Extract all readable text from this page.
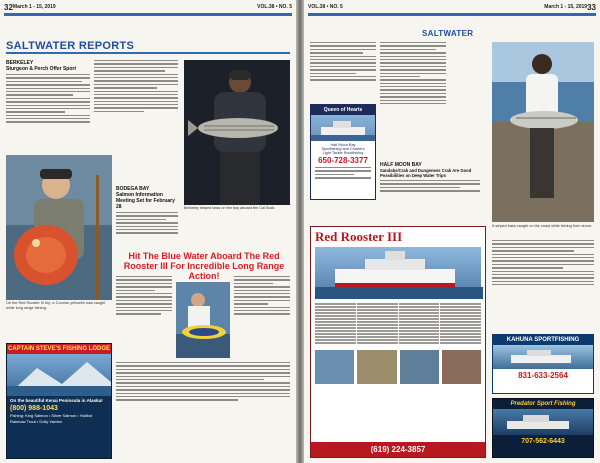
32 March 1 - 15, 2019	VOL.38 • NO. 5
SALTWATER REPORTS
BERKELEY
Sturgeon & Perch Offer Sport
Berkeley striped bass on the bay aboard the Cal Boat.
On the Red Rooster III trip, a 3-ocean yellowfin was caught while long range fishing.
BODEGA BAY
Salmon Information Meeting Set for February 28
Hit The Blue Water Aboard The Red Rooster III For Incredible Long Range Action!
CAPTAIN STEVE'S FISHING LODGE
On the beautiful Kenai Peninsula in Alaska!
(800) 988-1043
Fishing: King Salmon • Silver Salmon • Halibut
Rainbow Trout • Dolly Varden
VOL.38 • NO. 5	March 1 - 15, 2019 33
SALTWATER
Queen of Hearts
Half Moon Bay
Sportfishing and Charters
Light Tackle Rockfishing
650-728-3377	HALF MOON BAY
Sandabs/Crab and Dungeness Crab Are Good Possibilities on Deep Water Trips
A striped bass caught on the coast while fishing from shore.
Red Rooster III
(619) 224-3857
KAHUNA SPORTFISHING
831-633-2564
Predator Sport Fishing
707-562-6443
